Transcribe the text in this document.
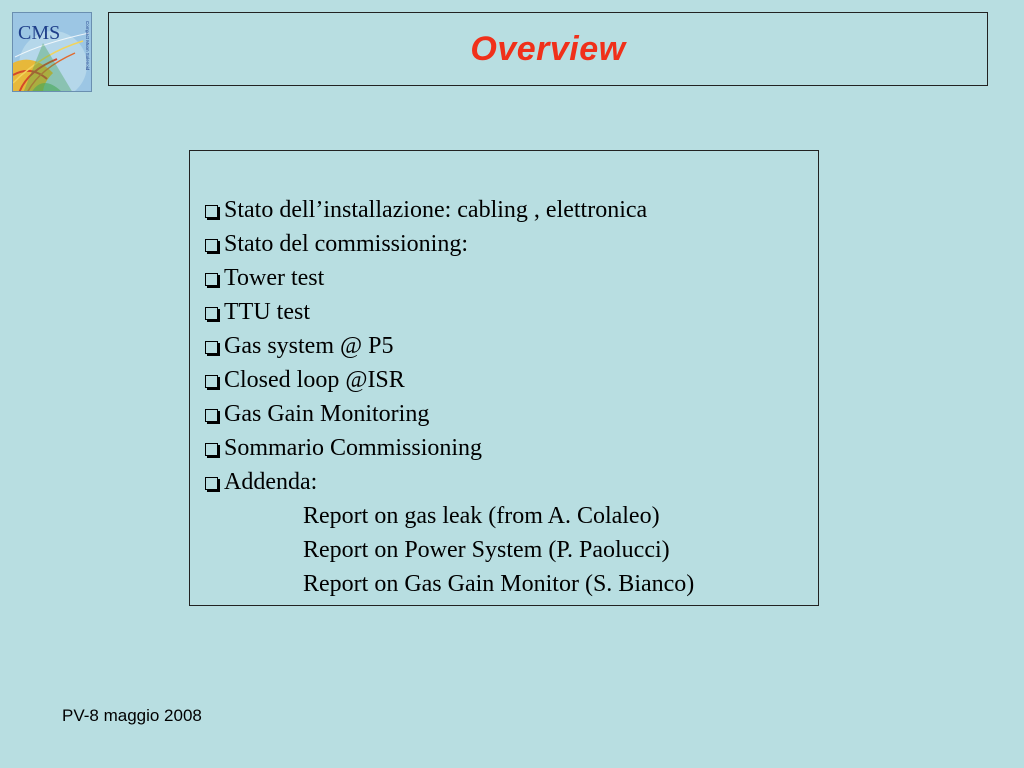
CMS	Compact Muon Solenoid	Overview
Stato dell’installazione: cabling , elettronica
Stato del commissioning:
Tower test
TTU test
Gas system @ P5
Closed loop @ISR
Gas Gain Monitoring
Sommario Commissioning
Addenda:
Report on gas leak (from A. Colaleo)
Report on Power System (P. Paolucci)
Report on Gas Gain Monitor (S. Bianco)
PV-8 maggio 2008
